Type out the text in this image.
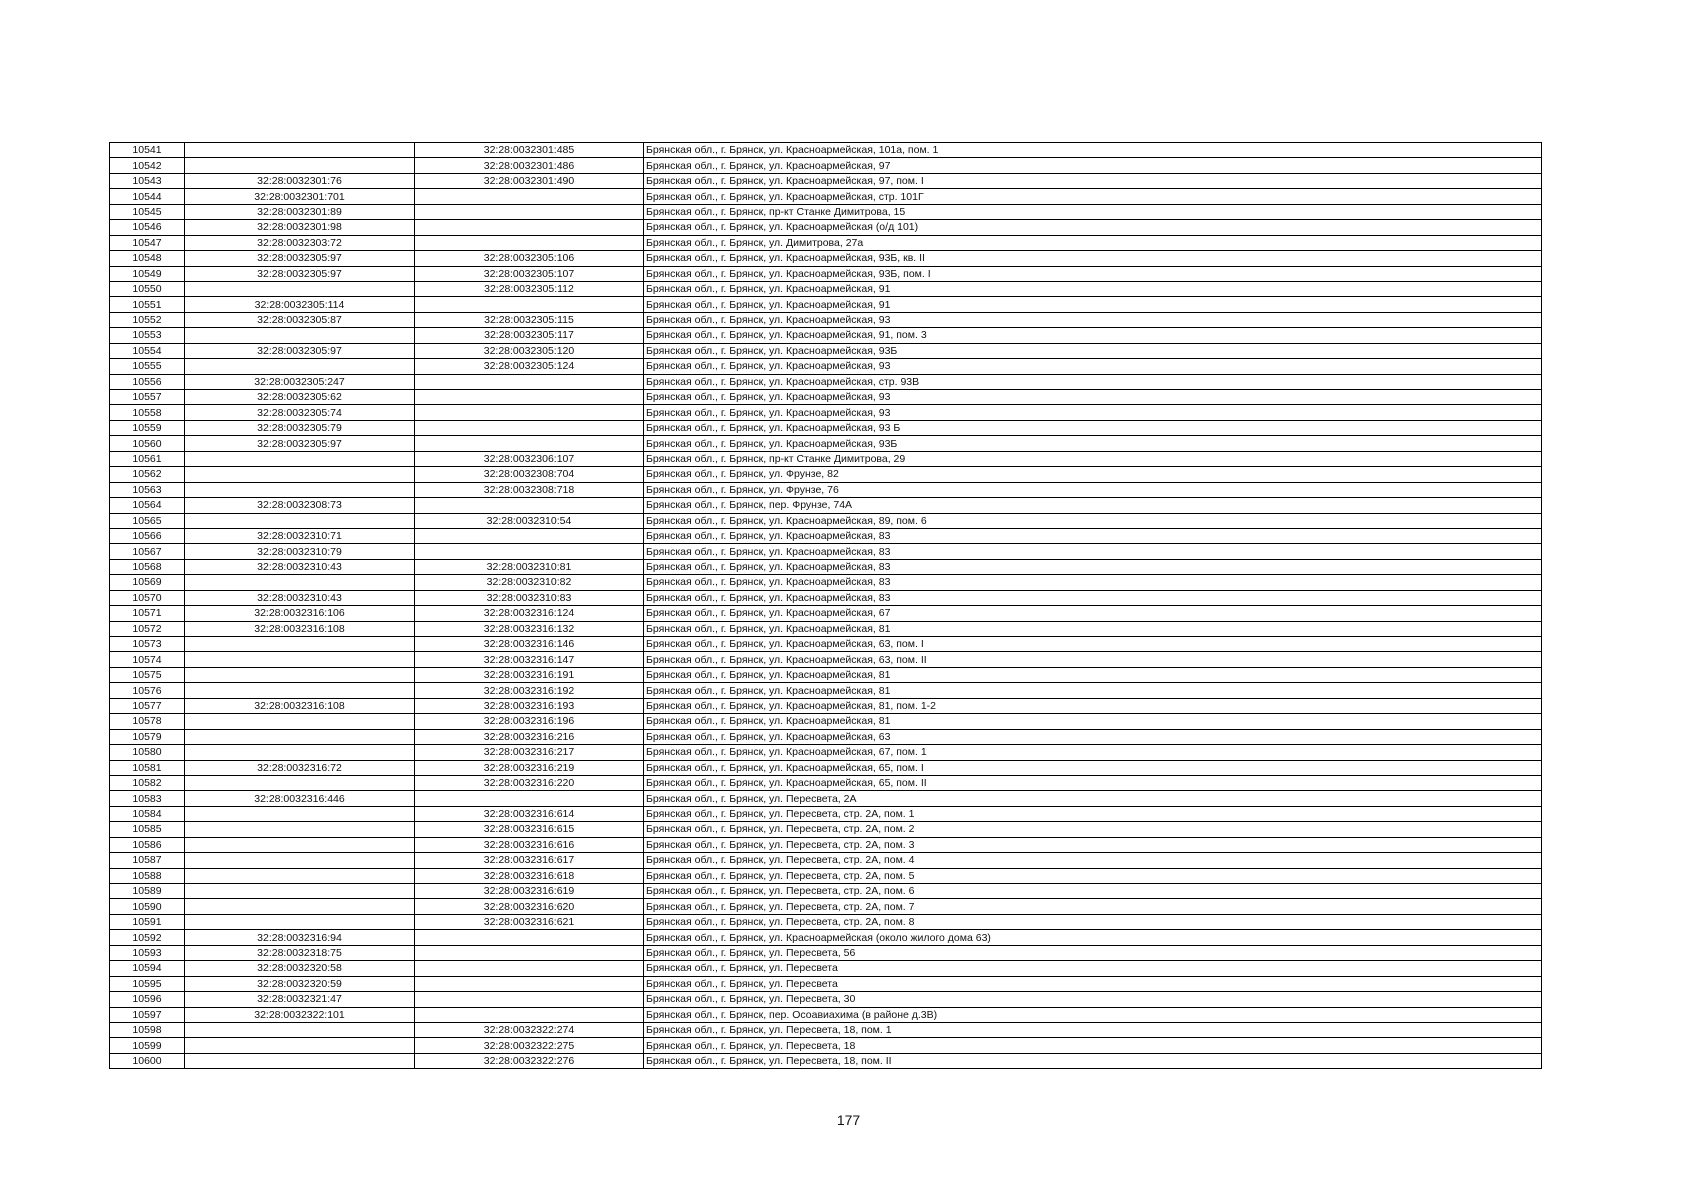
10541		32:28:0032301:485	Брянская обл., г. Брянск, ул. Красноармейская, 101а, пом. 1
10542		32:28:0032301:486	Брянская обл., г. Брянск, ул. Красноармейская, 97
10543	32:28:0032301:76	32:28:0032301:490	Брянская обл., г. Брянск, ул. Красноармейская, 97, пом. I
10544	32:28:0032301:701		Брянская обл., г. Брянск, ул. Красноармейская, стр. 101Г
10545	32:28:0032301:89		Брянская обл., г. Брянск, пр-кт Станке Димитрова, 15
10546	32:28:0032301:98		Брянская обл., г. Брянск, ул. Красноармейская (о/д 101)
10547	32:28:0032303:72		Брянская обл., г. Брянск, ул. Димитрова, 27а
10548	32:28:0032305:97	32:28:0032305:106	Брянская обл., г. Брянск, ул. Красноармейская, 93Б, кв. II
10549	32:28:0032305:97	32:28:0032305:107	Брянская обл., г. Брянск, ул. Красноармейская, 93Б, пом. I
10550		32:28:0032305:112	Брянская обл., г. Брянск, ул. Красноармейская, 91
10551	32:28:0032305:114		Брянская обл., г. Брянск, ул. Красноармейская, 91
10552	32:28:0032305:87	32:28:0032305:115	Брянская обл., г. Брянск, ул. Красноармейская, 93
10553		32:28:0032305:117	Брянская обл., г. Брянск, ул. Красноармейская, 91, пом. 3
10554	32:28:0032305:97	32:28:0032305:120	Брянская обл., г. Брянск, ул. Красноармейская, 93Б
10555		32:28:0032305:124	Брянская обл., г. Брянск, ул. Красноармейская, 93
10556	32:28:0032305:247		Брянская обл., г. Брянск, ул. Красноармейская, стр. 93В
10557	32:28:0032305:62		Брянская обл., г. Брянск, ул. Красноармейская, 93
10558	32:28:0032305:74		Брянская обл., г. Брянск, ул. Красноармейская, 93
10559	32:28:0032305:79		Брянская обл., г. Брянск, ул. Красноармейская, 93 Б
10560	32:28:0032305:97		Брянская обл., г. Брянск, ул. Красноармейская, 93Б
10561		32:28:0032306:107	Брянская обл., г. Брянск, пр-кт Станке Димитрова, 29
10562		32:28:0032308:704	Брянская обл., г. Брянск, ул. Фрунзе, 82
10563		32:28:0032308:718	Брянская обл., г. Брянск, ул. Фрунзе, 76
10564	32:28:0032308:73		Брянская обл., г. Брянск, пер. Фрунзе, 74А
10565		32:28:0032310:54	Брянская обл., г. Брянск, ул. Красноармейская, 89, пом. 6
10566	32:28:0032310:71		Брянская обл., г. Брянск, ул. Красноармейская, 83
10567	32:28:0032310:79		Брянская обл., г. Брянск, ул. Красноармейская, 83
10568	32:28:0032310:43	32:28:0032310:81	Брянская обл., г. Брянск, ул. Красноармейская, 83
10569		32:28:0032310:82	Брянская обл., г. Брянск, ул. Красноармейская, 83
10570	32:28:0032310:43	32:28:0032310:83	Брянская обл., г. Брянск, ул. Красноармейская, 83
10571	32:28:0032316:106	32:28:0032316:124	Брянская обл., г. Брянск, ул. Красноармейская, 67
10572	32:28:0032316:108	32:28:0032316:132	Брянская обл., г. Брянск, ул. Красноармейская, 81
10573		32:28:0032316:146	Брянская обл., г. Брянск, ул. Красноармейская, 63, пом. I
10574		32:28:0032316:147	Брянская обл., г. Брянск, ул. Красноармейская, 63, пом. II
10575		32:28:0032316:191	Брянская обл., г. Брянск, ул. Красноармейская, 81
10576		32:28:0032316:192	Брянская обл., г. Брянск, ул. Красноармейская, 81
10577	32:28:0032316:108	32:28:0032316:193	Брянская обл., г. Брянск, ул. Красноармейская, 81, пом. 1-2
10578		32:28:0032316:196	Брянская обл., г. Брянск, ул. Красноармейская, 81
10579		32:28:0032316:216	Брянская обл., г. Брянск, ул. Красноармейская, 63
10580		32:28:0032316:217	Брянская обл., г. Брянск, ул. Красноармейская, 67, пом. 1
10581	32:28:0032316:72	32:28:0032316:219	Брянская обл., г. Брянск, ул. Красноармейская, 65, пом. I
10582		32:28:0032316:220	Брянская обл., г. Брянск, ул. Красноармейская, 65, пом. II
10583	32:28:0032316:446		Брянская обл., г. Брянск, ул. Пересвета, 2А
10584		32:28:0032316:614	Брянская обл., г. Брянск, ул. Пересвета, стр. 2А, пом. 1
10585		32:28:0032316:615	Брянская обл., г. Брянск, ул. Пересвета, стр. 2А, пом. 2
10586		32:28:0032316:616	Брянская обл., г. Брянск, ул. Пересвета, стр. 2А, пом. 3
10587		32:28:0032316:617	Брянская обл., г. Брянск, ул. Пересвета, стр. 2А, пом. 4
10588		32:28:0032316:618	Брянская обл., г. Брянск, ул. Пересвета, стр. 2А, пом. 5
10589		32:28:0032316:619	Брянская обл., г. Брянск, ул. Пересвета, стр. 2А, пом. 6
10590		32:28:0032316:620	Брянская обл., г. Брянск, ул. Пересвета, стр. 2А, пом. 7
10591		32:28:0032316:621	Брянская обл., г. Брянск, ул. Пересвета, стр. 2А, пом. 8
10592	32:28:0032316:94		Брянская обл., г. Брянск, ул. Красноармейская (около жилого дома 63)
10593	32:28:0032318:75		Брянская обл., г. Брянск, ул. Пересвета, 56
10594	32:28:0032320:58		Брянская обл., г. Брянск, ул. Пересвета
10595	32:28:0032320:59		Брянская обл., г. Брянск, ул. Пересвета
10596	32:28:0032321:47		Брянская обл., г. Брянск, ул. Пересвета, 30
10597	32:28:0032322:101		Брянская обл., г. Брянск, пер. Осоавиахима (в районе д.3В)
10598		32:28:0032322:274	Брянская обл., г. Брянск, ул. Пересвета, 18, пом. 1
10599		32:28:0032322:275	Брянская обл., г. Брянск, ул. Пересвета, 18
10600		32:28:0032322:276	Брянская обл., г. Брянск, ул. Пересвета, 18, пом. II
177
